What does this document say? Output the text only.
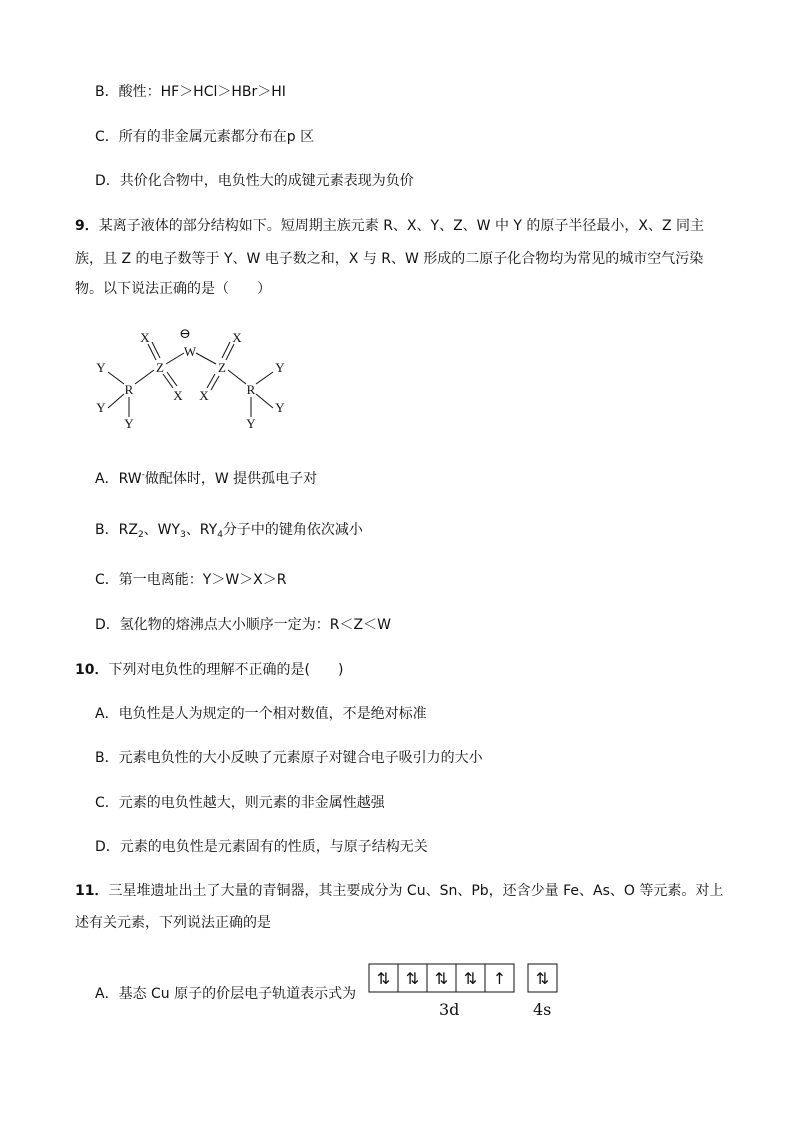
B．酸性：HF＞HCl＞HBr＞HI
C．所有的非金属元素都分布在p 区
D．共价化合物中，电负性大的成键元素表现为负价
9．某离子液体的部分结构如下。短周期主族元素 R、X、Y、Z、W 中 Y 的原子半径最小，X、Z 同主
族，且 Z 的电子数等于 Y、W 电子数之和，X 与 R、W 形成的二原子化合物均为常见的城市空气污染
物。以下说法正确的是（　　）
⊖
W
Z	Z
X
X
X
X
R	R
Y
Y
Y
Y
Y
Y
A．RW-做配体时，W 提供孤电子对
B．$RZ_2$、$WY_3$、$RY_4$分子中的键角依次减小
C．第一电离能：Y＞W＞X＞R
D．氢化物的熔沸点大小顺序一定为：R＜Z＜W
10．下列对电负性的理解不正确的是(　　)
A．电负性是人为规定的一个相对数值，不是绝对标准
B．元素电负性的大小反映了元素原子对键合电子吸引力的大小
C．元素的电负性越大，则元素的非金属性越强
D．元素的电负性是元素固有的性质，与原子结构无关
11．三星堆遗址出土了大量的青铜器，其主要成分为 Cu、Sn、Pb，还含少量 Fe、As、O 等元素。对上
述有关元素，下列说法正确的是
A．基态 Cu 原子的价层电子轨道表示式为
⇅ ⇅ ⇅ ⇅ ↑ ⇅
3d	4s
